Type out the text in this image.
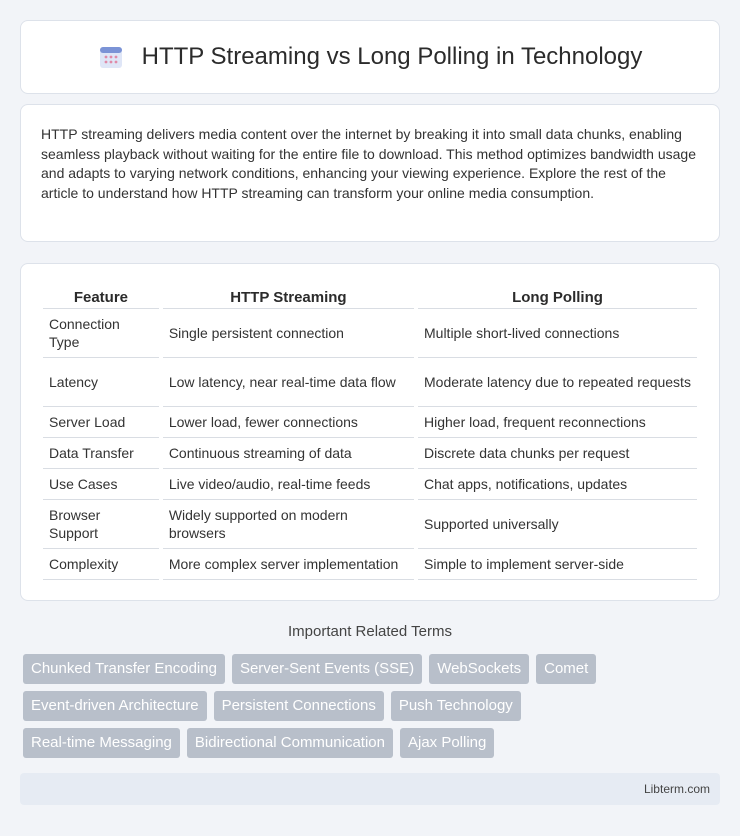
HTTP Streaming vs Long Polling in Technology

HTTP streaming delivers media content over the internet by breaking it into small data chunks, enabling seamless playback without waiting for the entire file to download. This method optimizes bandwidth usage and adapts to varying network conditions, enhancing your viewing experience. Explore the rest of the article to understand how HTTP streaming can transform your online media consumption.

Feature	HTTP Streaming	Long Polling
Connection Type	Single persistent connection	Multiple short-lived connections
Latency	Low latency, near real-time data flow	Moderate latency due to repeated requests
Server Load	Lower load, fewer connections	Higher load, frequent reconnections
Data Transfer	Continuous streaming of data	Discrete data chunks per request
Use Cases	Live video/audio, real-time feeds	Chat apps, notifications, updates
Browser Support	Widely supported on modern browsers	Supported universally
Complexity	More complex server implementation	Simple to implement server-side
Important Related Terms
Chunked Transfer Encoding	Server-Sent Events (SSE)	WebSockets	Comet
Event-driven Architecture	Persistent Connections	Push Technology
Real-time Messaging	Bidirectional Communication	Ajax Polling
Libterm.com
